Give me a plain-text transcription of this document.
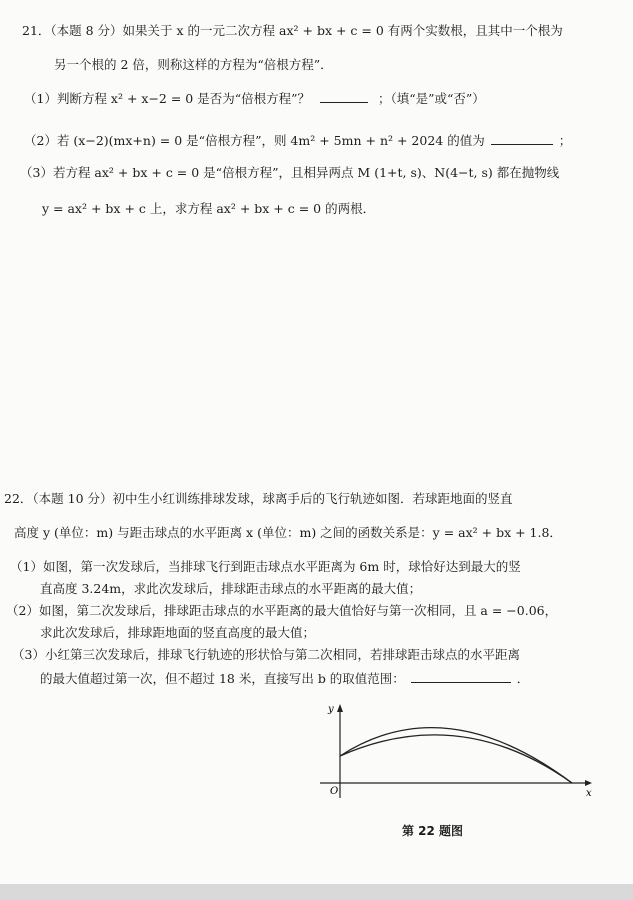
21．（本题 8 分）如果关于 x 的一元二次方程 ax² + bx + c = 0 有两个实数根，且其中一个根为
另一个根的 2 倍，则称这样的方程为“倍根方程”．
（1）判断方程 x² + x−2 = 0 是否为“倍根方程”？	；（填“是”或“否”）
（2）若 (x−2)(mx+n) = 0 是“倍根方程”，则 4m² + 5mn + n² + 2024 的值为	；
（3）若方程 ax² + bx + c = 0 是“倍根方程”，且相异两点 M (1+t, s)、N(4−t, s) 都在抛物线
y = ax² + bx + c 上，求方程 ax² + bx + c = 0 的两根．
22．（本题 10 分）初中生小红训练排球发球，球离手后的飞行轨迹如图．若球距地面的竖直
高度 y (单位：m) 与距击球点的水平距离 x (单位：m) 之间的函数关系是：y = ax² + bx + 1.8．
（1）如图，第一次发球后，当排球飞行到距击球点水平距离为 6m 时，球恰好达到最大的竖
直高度 3.24m，求此次发球后，排球距击球点的水平距离的最大值；
（2）如图，第二次发球后，排球距击球点的水平距离的最大值恰好与第一次相同，且 a = −0.06，
求此次发球后，排球距地面的竖直高度的最大值；
（3）小红第三次发球后，排球飞行轨迹的形状恰与第二次相同，若排球距击球点的水平距离
的最大值超过第一次，但不超过 18 米，直接写出 b 的取值范围：	．
y
x
O
第 22 题图
